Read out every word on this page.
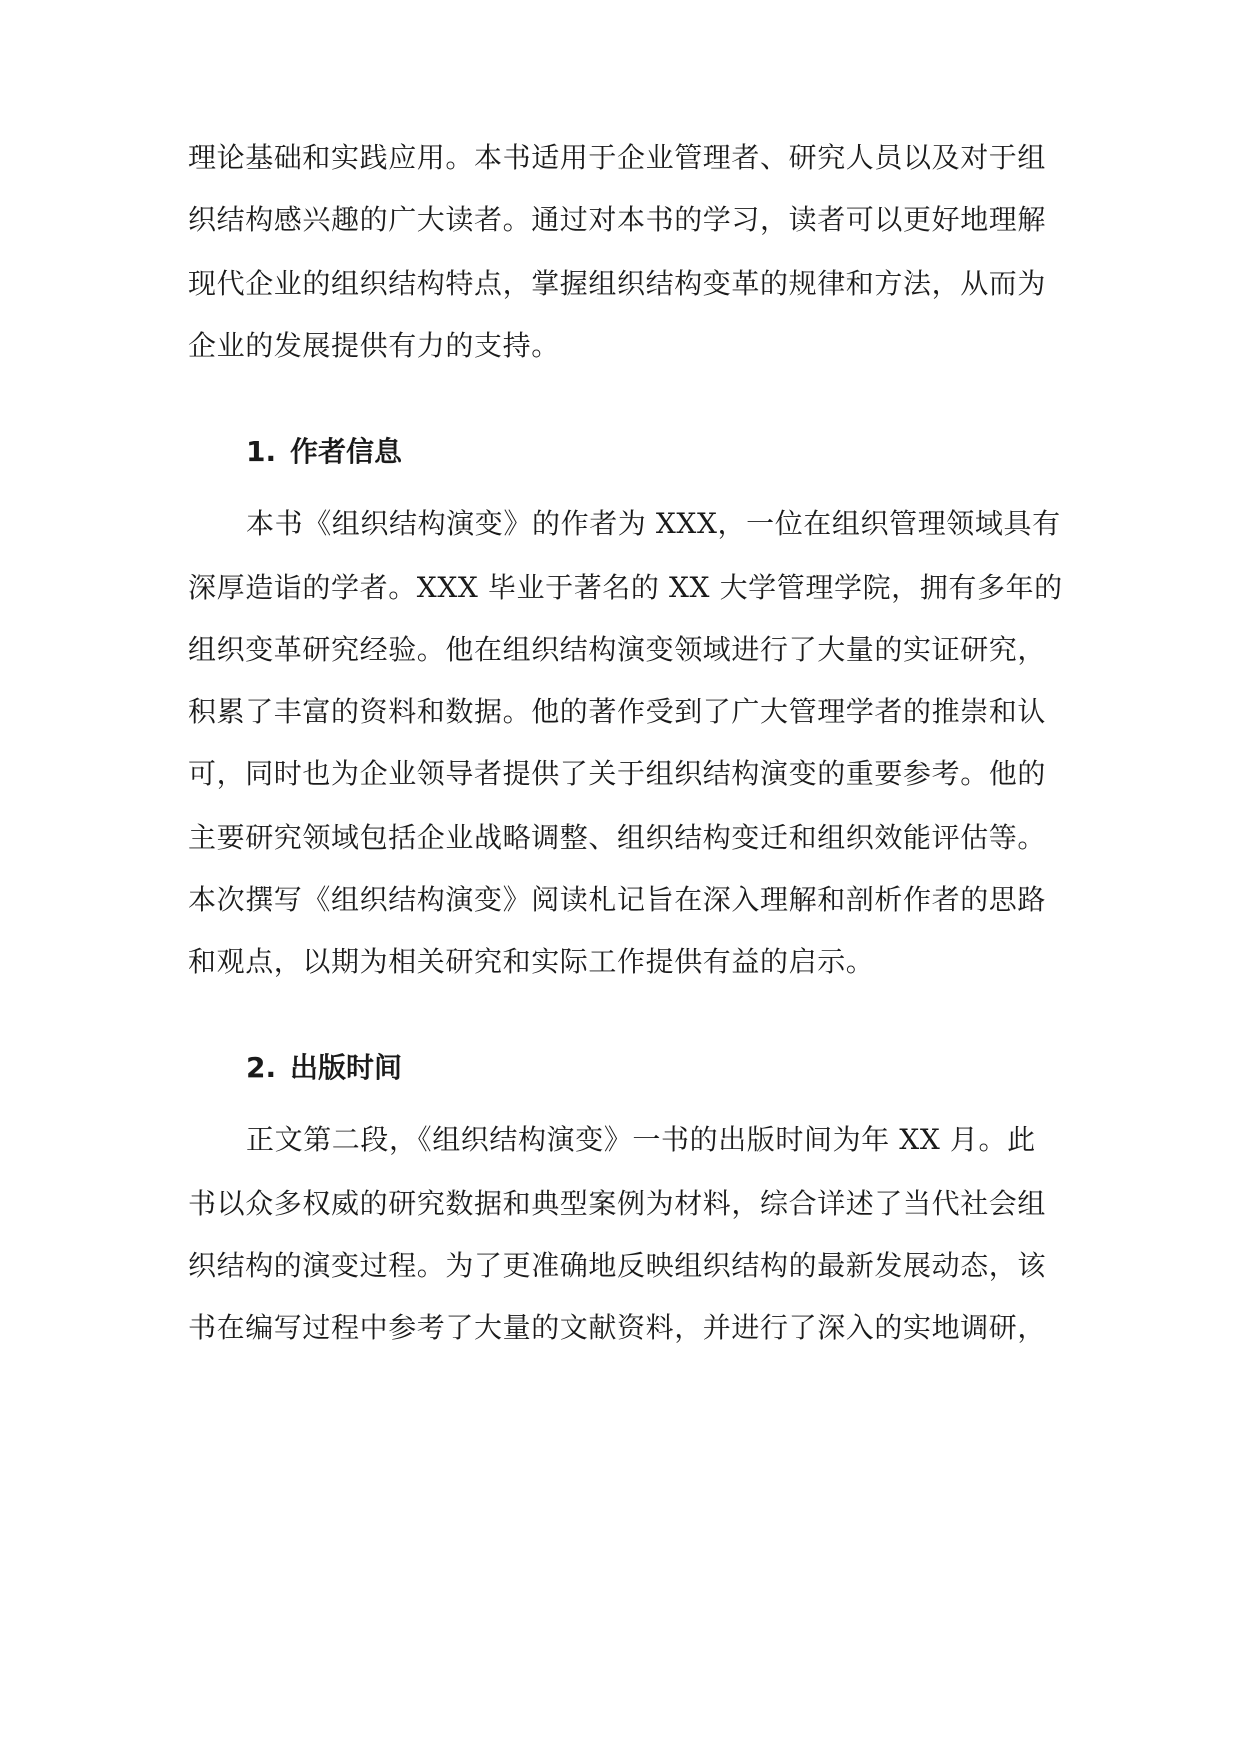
理论基础和实践应用。本书适用于企业管理者、研究人员以及对于组
织结构感兴趣的广大读者。通过对本书的学习，读者可以更好地理解
现代企业的组织结构特点，掌握组织结构变革的规律和方法，从而为
企业的发展提供有力的支持。
1. 作者信息
本书《组织结构演变》的作者为 XXX，一位在组织管理领域具有
深厚造诣的学者。XXX 毕业于著名的 XX 大学管理学院，拥有多年的
组织变革研究经验。他在组织结构演变领域进行了大量的实证研究，
积累了丰富的资料和数据。他的著作受到了广大管理学者的推崇和认
可，同时也为企业领导者提供了关于组织结构演变的重要参考。他的
主要研究领域包括企业战略调整、组织结构变迁和组织效能评估等。
本次撰写《组织结构演变》阅读札记旨在深入理解和剖析作者的思路
和观点，以期为相关研究和实际工作提供有益的启示。
2. 出版时间
正文第二段，《组织结构演变》一书的出版时间为年 XX 月。此
书以众多权威的研究数据和典型案例为材料，综合详述了当代社会组
织结构的演变过程。为了更准确地反映组织结构的最新发展动态，该
书在编写过程中参考了大量的文献资料，并进行了深入的实地调研，
